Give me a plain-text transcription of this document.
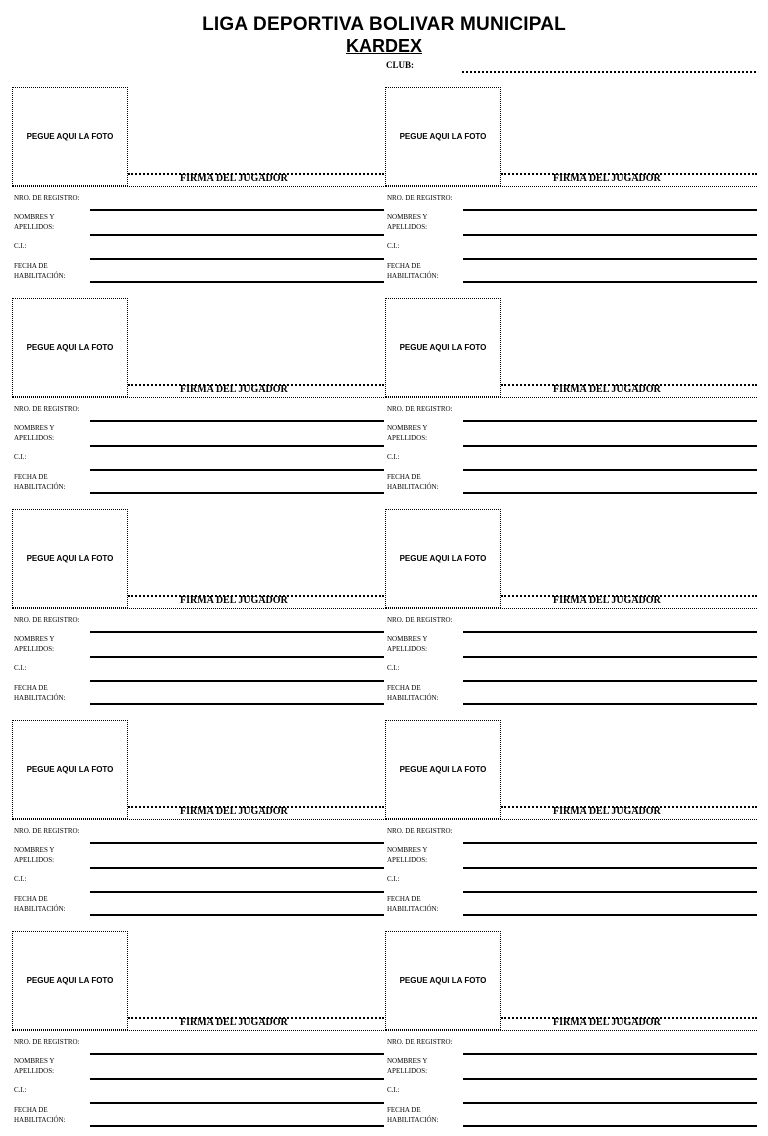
LIGA DEPORTIVA BOLIVAR MUNICIPAL
KARDEX
CLUB:
PEGUE AQUI LA FOTO
FIRMA DEL JUGADOR
NRO. DE REGISTRO:
NOMBRES Y
APELLIDOS:
C.I.:
FECHA DE
HABILITACIÓN:
PEGUE AQUI LA FOTO
FIRMA DEL JUGADOR
NRO. DE REGISTRO:
NOMBRES Y
APELLIDOS:
C.I.:
FECHA DE
HABILITACIÓN:
PEGUE AQUI LA FOTO
FIRMA DEL JUGADOR
NRO. DE REGISTRO:
NOMBRES Y
APELLIDOS:
C.I.:
FECHA DE
HABILITACIÓN:
PEGUE AQUI LA FOTO
FIRMA DEL JUGADOR
NRO. DE REGISTRO:
NOMBRES Y
APELLIDOS:
C.I.:
FECHA DE
HABILITACIÓN:
PEGUE AQUI LA FOTO
FIRMA DEL JUGADOR
NRO. DE REGISTRO:
NOMBRES Y
APELLIDOS:
C.I.:
FECHA DE
HABILITACIÓN:
PEGUE AQUI LA FOTO
FIRMA DEL JUGADOR
NRO. DE REGISTRO:
NOMBRES Y
APELLIDOS:
C.I.:
FECHA DE
HABILITACIÓN:
PEGUE AQUI LA FOTO
FIRMA DEL JUGADOR
NRO. DE REGISTRO:
NOMBRES Y
APELLIDOS:
C.I.:
FECHA DE
HABILITACIÓN:
PEGUE AQUI LA FOTO
FIRMA DEL JUGADOR
NRO. DE REGISTRO:
NOMBRES Y
APELLIDOS:
C.I.:
FECHA DE
HABILITACIÓN:
PEGUE AQUI LA FOTO
FIRMA DEL JUGADOR
NRO. DE REGISTRO:
NOMBRES Y
APELLIDOS:
C.I.:
FECHA DE
HABILITACIÓN:
PEGUE AQUI LA FOTO
FIRMA DEL JUGADOR
NRO. DE REGISTRO:
NOMBRES Y
APELLIDOS:
C.I.:
FECHA DE
HABILITACIÓN:
